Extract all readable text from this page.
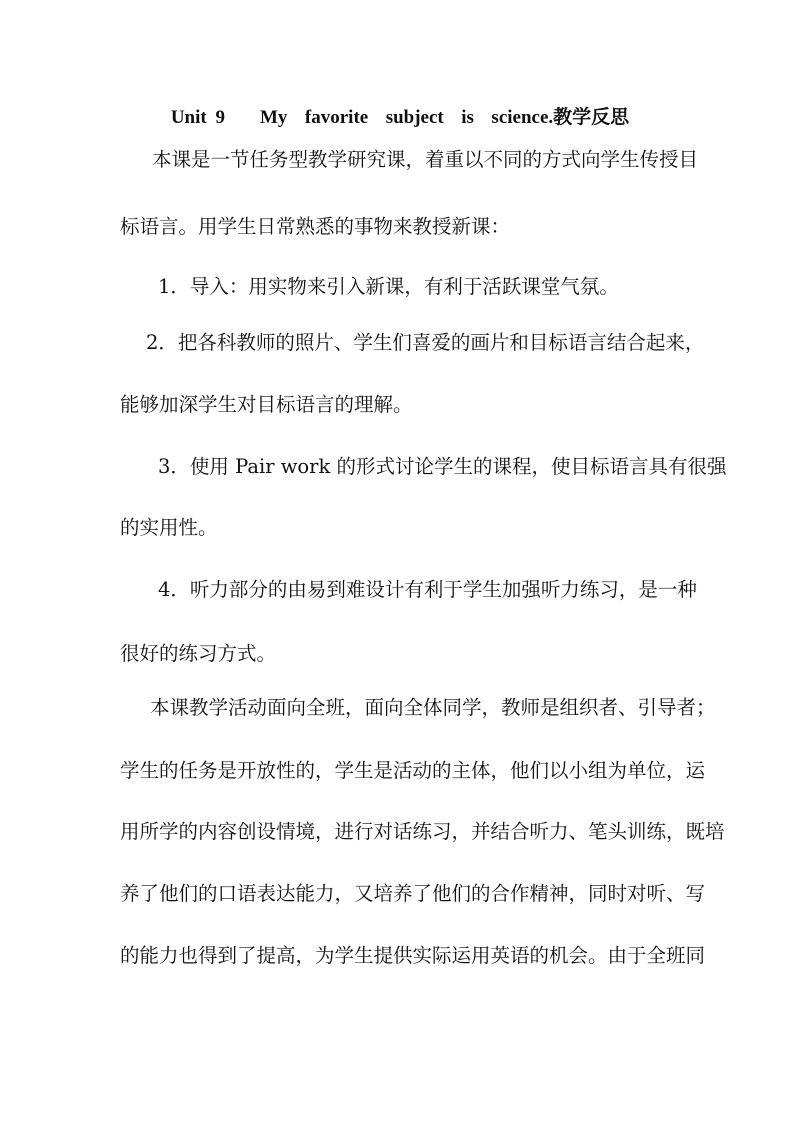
Unit 9    My  favorite  subject  is  science.教学反思
本课是一节任务型教学研究课，着重以不同的方式向学生传授目
标语言。用学生日常熟悉的事物来教授新课：
1．导入：用实物来引入新课，有利于活跃课堂气氛。
2．把各科教师的照片、学生们喜爱的画片和目标语言结合起来，
能够加深学生对目标语言的理解。
3．使用 Pair work 的形式讨论学生的课程，使目标语言具有很强
的实用性。
4．听力部分的由易到难设计有利于学生加强听力练习，是一种
很好的练习方式。
本课教学活动面向全班，面向全体同学，教师是组织者、引导者；
学生的任务是开放性的，学生是活动的主体，他们以小组为单位，运
用所学的内容创设情境，进行对话练习，并结合听力、笔头训练，既培
养了他们的口语表达能力，又培养了他们的合作精神，同时对听、写
的能力也得到了提高，为学生提供实际运用英语的机会。由于全班同
